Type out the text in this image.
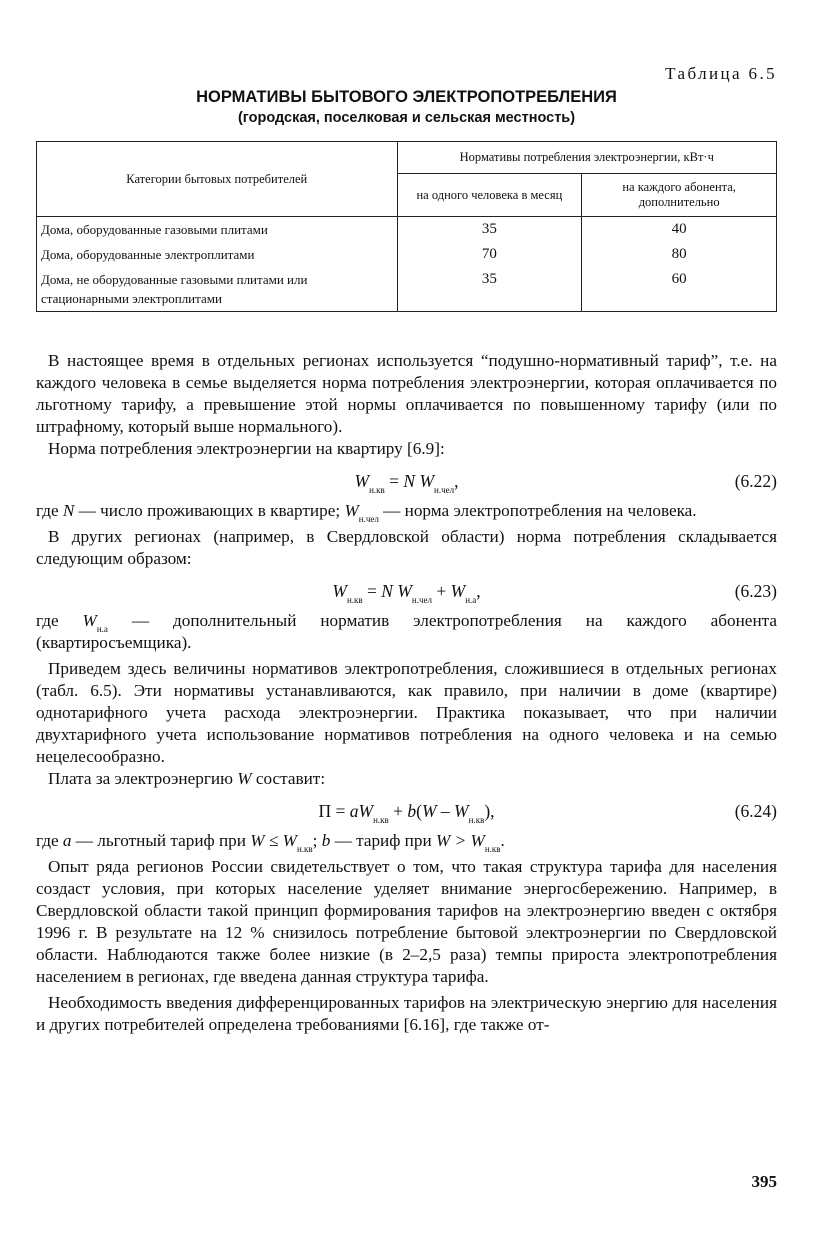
Таблица 6.5
НОРМАТИВЫ БЫТОВОГО ЭЛЕКТРОПОТРЕБЛЕНИЯ
(городская, поселковая и сельская местность)
Категории бытовых потребителей	Нормативы потребления электроэнергии, кВт·ч	
	на одного человека в месяц	на каждого абонента, дополнительно
Дома, оборудованные газовыми плитами	35	40
Дома, оборудованные электроплитами	70	80
Дома, не оборудованные газовыми плитами или стационарными электроплитами	35	60

В настоящее время в отдельных регионах используется “подушно-нормативный тариф”, т.е. на каждого человека в семье выделяется норма потребления электроэнергии, которая оплачивается по льготному тарифу, а превышение этой нормы оплачивается по повышенному тарифу (или по штрафному, который выше нормального).

Норма потребления электроэнергии на квартиру [6.9]:

$W_{н.кв} = N$ $W_{н.чел}$,	(6.22)

где N — число проживающих в квартире; $W_{н.чел}$ — норма электропотребления на человека.

В других регионах (например, в Свердловской области) норма потребления складывается следующим образом:

$W_{н.кв} = N$ $W_{н.чел} + W_{н.а}$,	(6.23)

где $W_{н.а}$ — дополнительный норматив электропотребления на каждого абонента (квартиросъемщика).

Приведем здесь величины нормативов электропотребления, сложившиеся в отдельных регионах (табл. 6.5). Эти нормативы устанавливаются, как правило, при наличии в доме (квартире) однотарифного учета расхода электроэнергии. Практика показывает, что при наличии двухтарифного учета использование нормативов потребления на одного человека и на семью нецелесообразно.

Плата за электроэнергию W составит:

$П = aW_{н.кв} + b(W - W_{н.кв})$,	(6.24)

где а — льготный тариф при $W \le W_{н.кв}$; b — тариф при $W > W_{н.кв}$.

Опыт ряда регионов России свидетельствует о том, что такая структура тарифа для населения создаст условия, при которых население уделяет внимание энергосбережению. Например, в Свердловской области такой принцип формирования тарифов на электроэнергию введен с октября 1996 г. В результате на 12 % снизилось потребление бытовой электроэнергии по Свердловской области. Наблюдаются также более низкие (в 2–2,5 раза) темпы прироста электропотребления населением в регионах, где введена данная структура тарифа.

Необходимость введения дифференцированных тарифов на электрическую энергию для населения и других потребителей определена требованиями [6.16], где также от-

395
